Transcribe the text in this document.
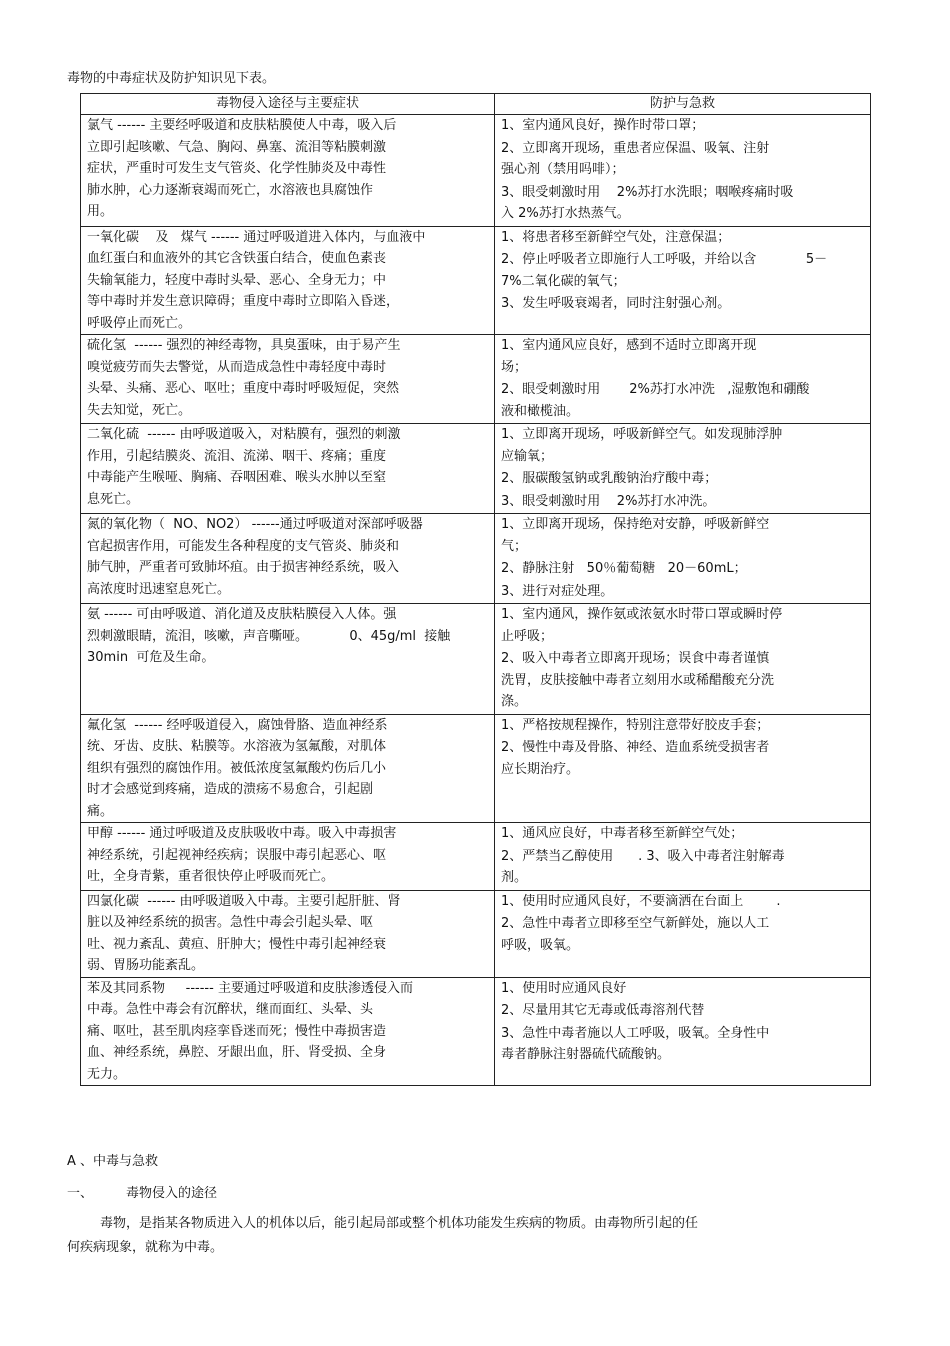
毒物的中毒症状及防护知识见下表。
毒物侵入途径与主要症状	防护与急救

氯气 ------ 主要经呼吸道和皮肤粘膜使人中毒，吸入后
立即引起咳嗽、气急、胸闷、鼻塞、流泪等粘膜刺激
症状，严重时可发生支气管炎、化学性肺炎及中毒性
肺水肿，心力逐渐衰竭而死亡，水溶液也具腐蚀作
用。	1、室内通风良好，操作时带口罩；
2、立即离开现场，重患者应保温、吸氧、注射
强心剂（禁用吗啡）；
3、眼受刺激时用    2%苏打水洗眼；咽喉疼痛时吸
入 2%苏打水热蒸气。

一氧化碳    及   煤气 ------ 通过呼吸道进入体内，与血液中
血红蛋白和血液外的其它含铁蛋白结合，使血色素丧
失输氧能力，轻度中毒时头晕、恶心、全身无力；中
等中毒时并发生意识障碍；重度中毒时立即陷入昏迷，
呼吸停止而死亡。	1、将患者移至新鲜空气处，注意保温；
2、停止呼吸者立即施行人工呼吸，并给以含            5－
7%二氧化碳的氧气；
3、发生呼吸衰竭者，同时注射强心剂。

硫化氢  ------ 强烈的神经毒物，具臭蛋味，由于易产生
嗅觉疲劳而失去警觉，从而造成急性中毒轻度中毒时
头晕、头痛、恶心、呕吐；重度中毒时呼吸短促，突然
失去知觉，死亡。	1、室内通风应良好，感到不适时立即离开现
场；
2、眼受刺激时用       2%苏打水冲洗   ,湿敷饱和硼酸
液和橄榄油。

二氧化硫  ------ 由呼吸道吸入，对粘膜有，强烈的刺激
作用，引起结膜炎、流泪、流涕、咽干、疼痛；重度
中毒能产生喉哑、胸痛、吞咽困难、喉头水肿以至窒
息死亡。	1、立即离开现场，呼吸新鲜空气。如发现肺浮肿
应输氧；
2、服碳酸氢钠或乳酸钠治疗酸中毒；
3、眼受刺激时用    2%苏打水冲洗。

氮的氧化物（  NO、NO2） ------通过呼吸道对深部呼吸器
官起损害作用，可能发生各种程度的支气管炎、肺炎和
肺气肿，严重者可致肺坏疽。由于损害神经系统，吸入
高浓度时迅速窒息死亡。	1、立即离开现场，保持绝对安静，呼吸新鲜空
气；
2、静脉注射   50％葡萄糖   20－60mL；
3、进行对症处理。

氨 ------ 可由呼吸道、消化道及皮肤粘膜侵入人体。强
烈刺激眼睛，流泪，咳嗽，声音嘶哑。          0、45g/ml  接触
30min  可危及生命。	1、室内通风，操作氨或浓氨水时带口罩或瞬时停
止呼吸；
2、吸入中毒者立即离开现场；误食中毒者谨慎
洗胃，皮肤接触中毒者立刻用水或稀醋酸充分洗
涤。

氟化氢  ------ 经呼吸道侵入，腐蚀骨胳、造血神经系
统、牙齿、皮肤、粘膜等。水溶液为氢氟酸，对肌体
组织有强烈的腐蚀作用。被低浓度氢氟酸灼伤后几小
时才会感觉到疼痛，造成的溃疡不易愈合，引起剧
痛。	1、严格按规程操作，特别注意带好胶皮手套；
2、慢性中毒及骨胳、神经、造血系统受损害者
应长期治疗。

甲醇 ------ 通过呼吸道及皮肤吸收中毒。吸入中毒损害
神经系统，引起视神经疾病；误服中毒引起恶心、呕
吐，全身青紫，重者很快停止呼吸而死亡。	1、通风应良好，中毒者移至新鲜空气处；
2、严禁当乙醇使用      . 3、吸入中毒者注射解毒
剂。

四氯化碳  ------ 由呼吸道吸入中毒。主要引起肝脏、肾
脏以及神经系统的损害。急性中毒会引起头晕、呕
吐、视力紊乱、黄疸、肝肿大；慢性中毒引起神经衰
弱、胃肠功能紊乱。	1、使用时应通风良好，不要滴洒在台面上        .
2、急性中毒者立即移至空气新鲜处，施以人工
呼吸，吸氧。

苯及其同系物     ------ 主要通过呼吸道和皮肤渗透侵入而
中毒。急性中毒会有沉醉状，继而面红、头晕、头
痛、呕吐，甚至肌肉痉挛昏迷而死；慢性中毒损害造
血、神经系统，鼻腔、牙龈出血，肝、肾受损、全身
无力。	1、使用时应通风良好
2、尽量用其它无毒或低毒溶剂代替
3、急性中毒者施以人工呼吸，吸氧。全身性中
毒者静脉注射器硫代硫酸钠。
A 、中毒与急救
一、        毒物侵入的途径
毒物，是指某各物质进入人的机体以后，能引起局部或整个机体功能发生疾病的物质。由毒物所引起的任
何疾病现象，就称为中毒。
